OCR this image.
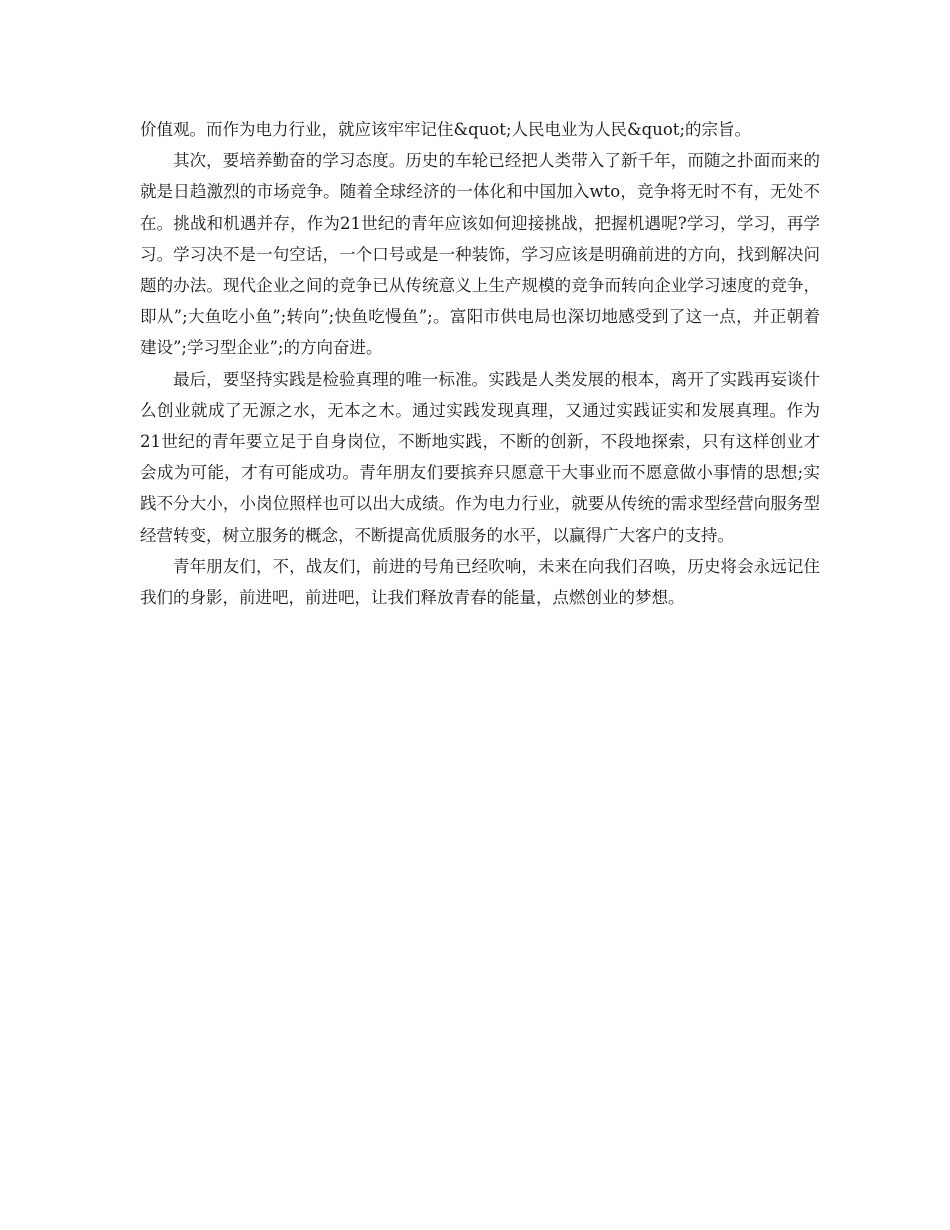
价值观。而作为电力行业，就应该牢牢记住&quot;人民电业为人民&quot;的宗旨。

其次，要培养勤奋的学习态度。历史的车轮已经把人类带入了新千年，而随之扑面而来的就是日趋激烈的市场竞争。随着全球经济的一体化和中国加入wto，竞争将无时不有，无处不在。挑战和机遇并存，作为21世纪的青年应该如何迎接挑战，把握机遇呢?学习，学习，再学习。学习决不是一句空话，一个口号或是一种装饰，学习应该是明确前进的方向，找到解决问题的办法。现代企业之间的竞争已从传统意义上生产规模的竞争而转向企业学习速度的竞争，即从”;大鱼吃小鱼”;转向”;快鱼吃慢鱼”;。富阳市供电局也深切地感受到了这一点，并正朝着建设”;学习型企业”;的方向奋进。

最后，要坚持实践是检验真理的唯一标准。实践是人类发展的根本，离开了实践再妄谈什么创业就成了无源之水，无本之木。通过实践发现真理，又通过实践证实和发展真理。作为21世纪的青年要立足于自身岗位，不断地实践，不断的创新，不段地探索，只有这样创业才会成为可能，才有可能成功。青年朋友们要摈弃只愿意干大事业而不愿意做小事情的思想;实践不分大小，小岗位照样也可以出大成绩。作为电力行业，就要从传统的需求型经营向服务型经营转变，树立服务的概念，不断提高优质服务的水平，以赢得广大客户的支持。

青年朋友们，不，战友们，前进的号角已经吹响，未来在向我们召唤，历史将会永远记住我们的身影，前进吧，前进吧，让我们释放青春的能量，点燃创业的梦想。
